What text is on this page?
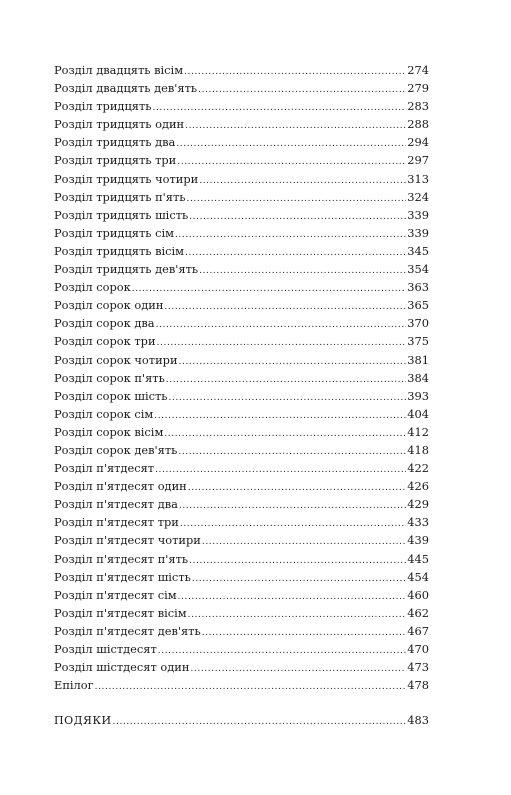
Розділ двадцять вісім .....	274
Розділ двадцять дев'ять .....	279
Розділ тридцять .....	283
Розділ тридцять один .....	288
Розділ тридцять два .....	294
Розділ тридцять три .....	297
Розділ тридцять чотири .....	313
Розділ тридцять п'ять .....	324
Розділ тридцять шість .....	339
Розділ тридцять сім .....	339
Розділ тридцять вісім .....	345
Розділ тридцять дев'ять .....	354
Розділ сорок .....	363
Розділ сорок один .....	365
Розділ сорок два .....	370
Розділ сорок три .....	375
Розділ сорок чотири .....	381
Розділ сорок п'ять .....	384
Розділ сорок шість .....	393
Розділ сорок сім .....	404
Розділ сорок вісім .....	412
Розділ сорок дев'ять .....	418
Розділ п'ятдесят .....	422
Розділ п'ятдесят один .....	426
Розділ п'ятдесят два .....	429
Розділ п'ятдесят три .....	433
Розділ п'ятдесят чотири .....	439
Розділ п'ятдесят п'ять .....	445
Розділ п'ятдесят шість .....	454
Розділ п'ятдесят сім .....	460
Розділ п'ятдесят вісім .....	462
Розділ п'ятдесят дев'ять .....	467
Розділ шістдесят .....	470
Розділ шістдесят один .....	473
Епілог .....	478
ПОДЯКИ .....	483
